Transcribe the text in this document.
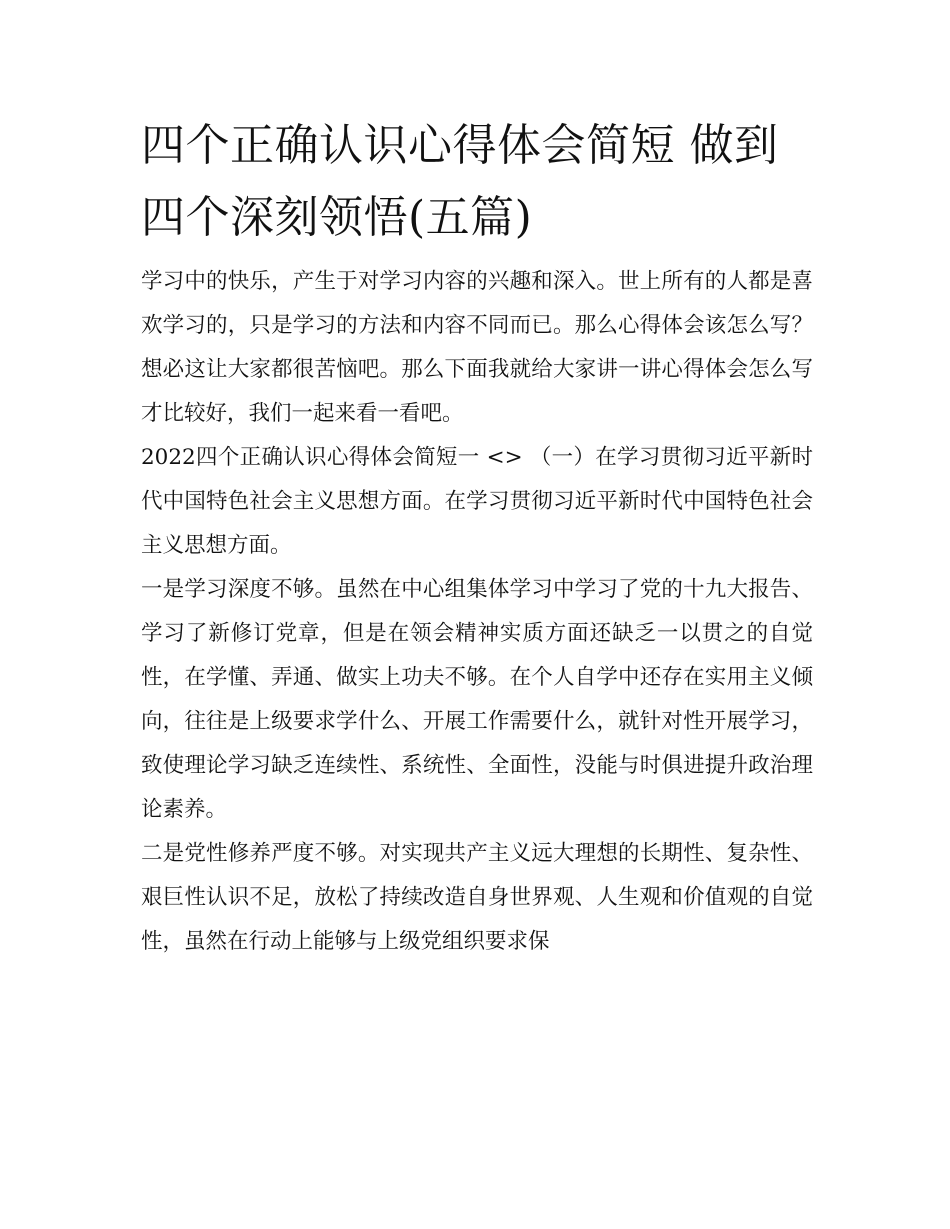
四个正确认识心得体会简短 做到四个深刻领悟(五篇)

学习中的快乐，产生于对学习内容的兴趣和深入。世上所有的人都是喜欢学习的，只是学习的方法和内容不同而已。那么心得体会该怎么写？想必这让大家都很苦恼吧。那么下面我就给大家讲一讲心得体会怎么写才比较好，我们一起来看一看吧。

2022四个正确认识心得体会简短一 <> （一）在学习贯彻习近平新时代中国特色社会主义思想方面。在学习贯彻习近平新时代中国特色社会主义思想方面。

一是学习深度不够。虽然在中心组集体学习中学习了党的十九大报告、学习了新修订党章，但是在领会精神实质方面还缺乏一以贯之的自觉性，在学懂、弄通、做实上功夫不够。在个人自学中还存在实用主义倾向，往往是上级要求学什么、开展工作需要什么，就针对性开展学习，致使理论学习缺乏连续性、系统性、全面性，没能与时俱进提升政治理论素养。

二是党性修养严度不够。对实现共产主义远大理想的长期性、复杂性、艰巨性认识不足，放松了持续改造自身世界观、人生观和价值观的自觉性，虽然在行动上能够与上级党组织要求保
